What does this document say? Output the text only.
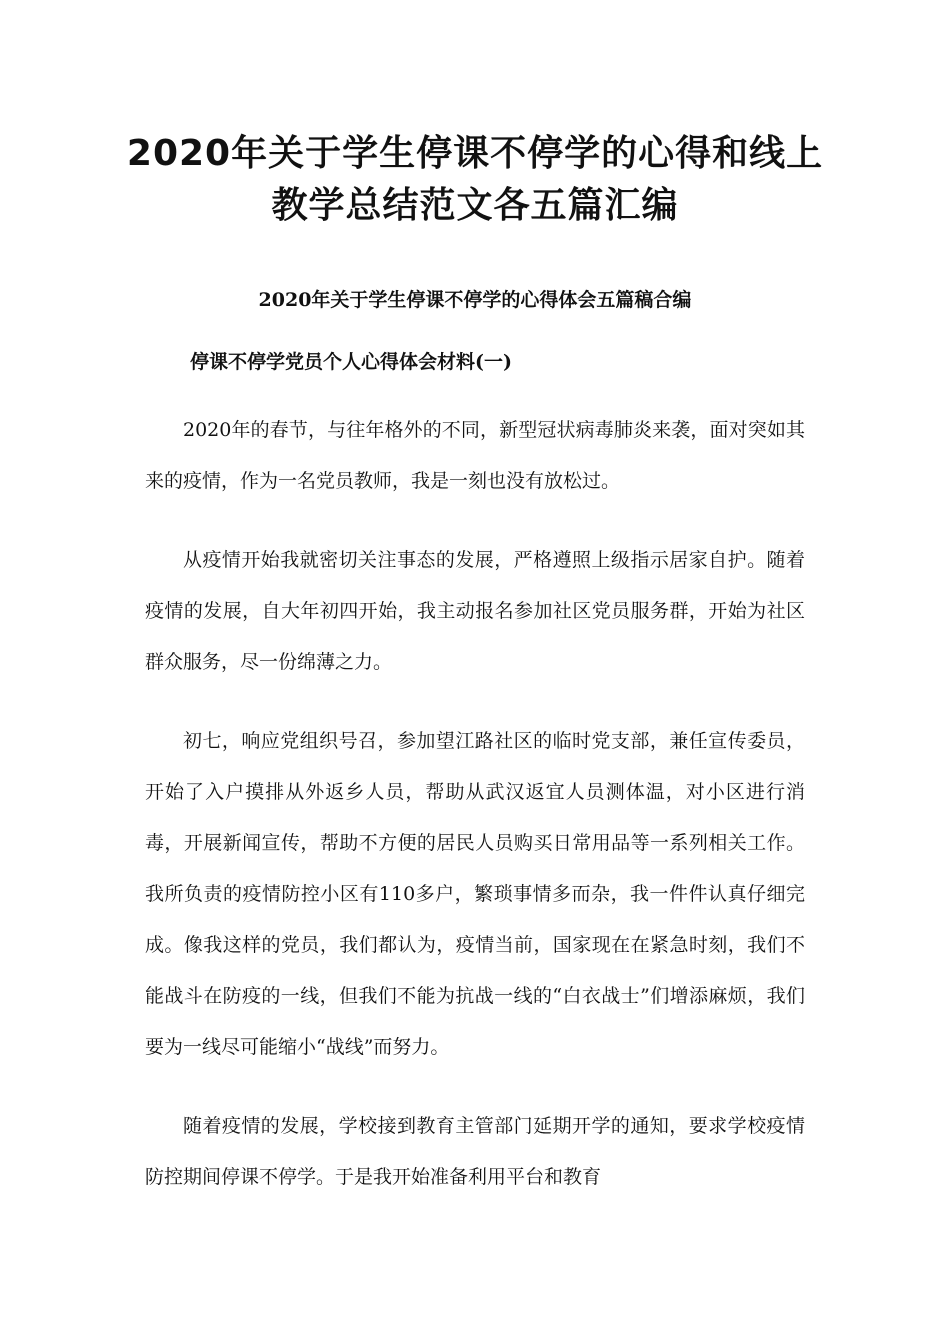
2020年关于学生停课不停学的心得和线上
教学总结范文各五篇汇编
2020年关于学生停课不停学的心得体会五篇稿合编
停课不停学党员个人心得体会材料(一)

2020年的春节，与往年格外的不同，新型冠状病毒肺炎来袭，面对突如其来的疫情，作为一名党员教师，我是一刻也没有放松过。

从疫情开始我就密切关注事态的发展，严格遵照上级指示居家自护。随着疫情的发展，自大年初四开始，我主动报名参加社区党员服务群，开始为社区群众服务，尽一份绵薄之力。

初七，响应党组织号召，参加望江路社区的临时党支部，兼任宣传委员，开始了入户摸排从外返乡人员，帮助从武汉返宜人员测体温，对小区进行消毒，开展新闻宣传，帮助不方便的居民人员购买日常用品等一系列相关工作。我所负责的疫情防控小区有110多户，繁琐事情多而杂，我一件件认真仔细完成。像我这样的党员，我们都认为，疫情当前，国家现在在紧急时刻，我们不能战斗在防疫的一线，但我们不能为抗战一线的“白衣战士”们增添麻烦，我们要为一线尽可能缩小“战线”而努力。

随着疫情的发展，学校接到教育主管部门延期开学的通知，要求学校疫情防控期间停课不停学。于是我开始准备利用平台和教育
